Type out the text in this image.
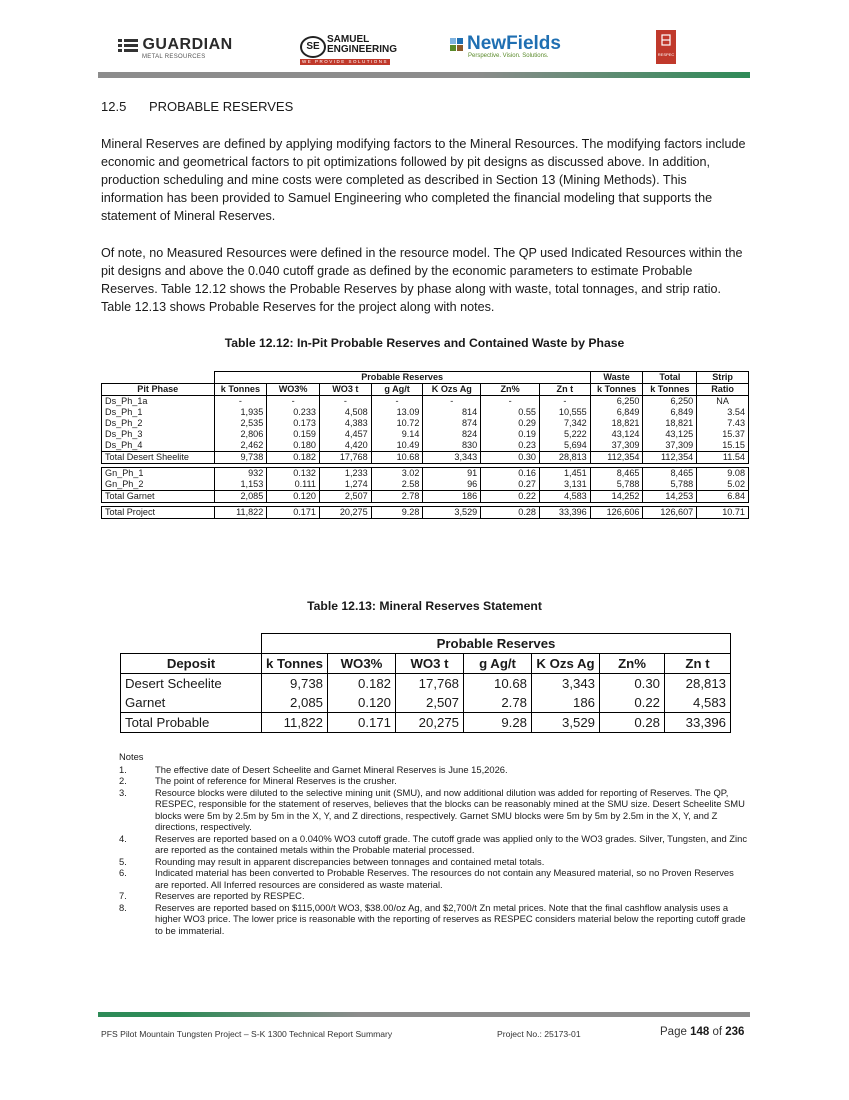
GUARDIAN
METAL RESOURCES
SE
SAMUEL
ENGINEERING
WE PROVIDE SOLUTIONS
NewFields
Perspective. Vision. Solutions.	RESPEC
12.5 PROBABLE RESERVES
Mineral Reserves are defined by applying modifying factors to the Mineral Resources. The modifying factors include economic and geometrical factors to pit optimizations followed by pit designs as discussed above. In addition, production scheduling and mine costs were completed as described in Section 13 (Mining Methods). This information has been provided to Samuel Engineering who completed the financial modeling that supports the statement of Mineral Reserves.
Of note, no Measured Resources were defined in the resource model. The QP used Indicated Resources within the pit designs and above the 0.040 cutoff grade as defined by the economic parameters to estimate Probable Reserves. Table 12.12 shows the Probable Reserves by phase along with waste, total tonnages, and strip ratio. Table 12.13 shows Probable Reserves for the project along with notes.
Table 12.12: In-Pit Probable Reserves and Contained Waste by Phase
	Probable Reserves							Waste	Total	Strip
Pit Phase	k Tonnes	WO3%	WO3 t	g Ag/t	K Ozs Ag	Zn%	Zn t	k Tonnes	k Tonnes	Ratio
Ds_Ph_1a	-	-	-	-	-	-	-	6,250	6,250	NA
Ds_Ph_1	1,935	0.233	4,508	13.09	814	0.55	10,555	6,849	6,849	3.54
Ds_Ph_2	2,535	0.173	4,383	10.72	874	0.29	7,342	18,821	18,821	7.43
Ds_Ph_3	2,806	0.159	4,457	9.14	824	0.19	5,222	43,124	43,125	15.37
Ds_Ph_4	2,462	0.180	4,420	10.49	830	0.23	5,694	37,309	37,309	15.15
Total Desert Sheelite	9,738	0.182	17,768	10.68	3,343	0.30	28,813	112,354	112,354	11.54

Gn_Ph_1	932	0.132	1,233	3.02	91	0.16	1,451	8,465	8,465	9.08
Gn_Ph_2	1,153	0.111	1,274	2.58	96	0.27	3,131	5,788	5,788	5.02
Total Garnet	2,085	0.120	2,507	2.78	186	0.22	4,583	14,252	14,253	6.84

Total Project	11,822	0.171	20,275	9.28	3,529	0.28	33,396	126,606	126,607	10.71
Table 12.13: Mineral Reserves Statement
	Probable Reserves						
Deposit	k Tonnes	WO3%	WO3 t	g Ag/t	K Ozs Ag	Zn%	Zn t
Desert Scheelite	9,738	0.182	17,768	10.68	3,343	0.30	28,813
Garnet	2,085	0.120	2,507	2.78	186	0.22	4,583
Total Probable	11,822	0.171	20,275	9.28	3,529	0.28	33,396
Notes
1.	The effective date of Desert Scheelite and Garnet Mineral Reserves is June 15,2026.
2.	The point of reference for Mineral Reserves is the crusher.
3.	Resource blocks were diluted to the selective mining unit (SMU), and now additional dilution was added for reporting of Reserves. The QP, RESPEC, responsible for the statement of reserves, believes that the blocks can be reasonably mined at the SMU size. Desert Scheelite SMU blocks were 5m by 2.5m by 5m in the X, Y, and Z directions, respectively. Garnet SMU blocks were 5m by 5m by 2.5m in the X, Y, and Z directions, respectively.
4.	Reserves are reported based on a 0.040% WO3 cutoff grade. The cutoff grade was applied only to the WO3 grades. Silver, Tungsten, and Zinc are reported as the contained metals within the Probable material processed.
5.	Rounding may result in apparent discrepancies between tonnages and contained metal totals.
6.	Indicated material has been converted to Probable Reserves. The resources do not contain any Measured material, so no Proven Reserves are reported. All Inferred resources are considered as waste material.
7.	Reserves are reported by RESPEC.
8.	Reserves are reported based on $115,000/t WO3, $38.00/oz Ag, and $2,700/t Zn metal prices. Note that the final cashflow analysis uses a higher WO3 price. The lower price is reasonable with the reporting of reserves as RESPEC considers material below the reporting cutoff grade to be immaterial.
PFS Pilot Mountain Tungsten Project – S-K 1300 Technical Report Summary	Project No.: 25173-01	Page 148 of 236
